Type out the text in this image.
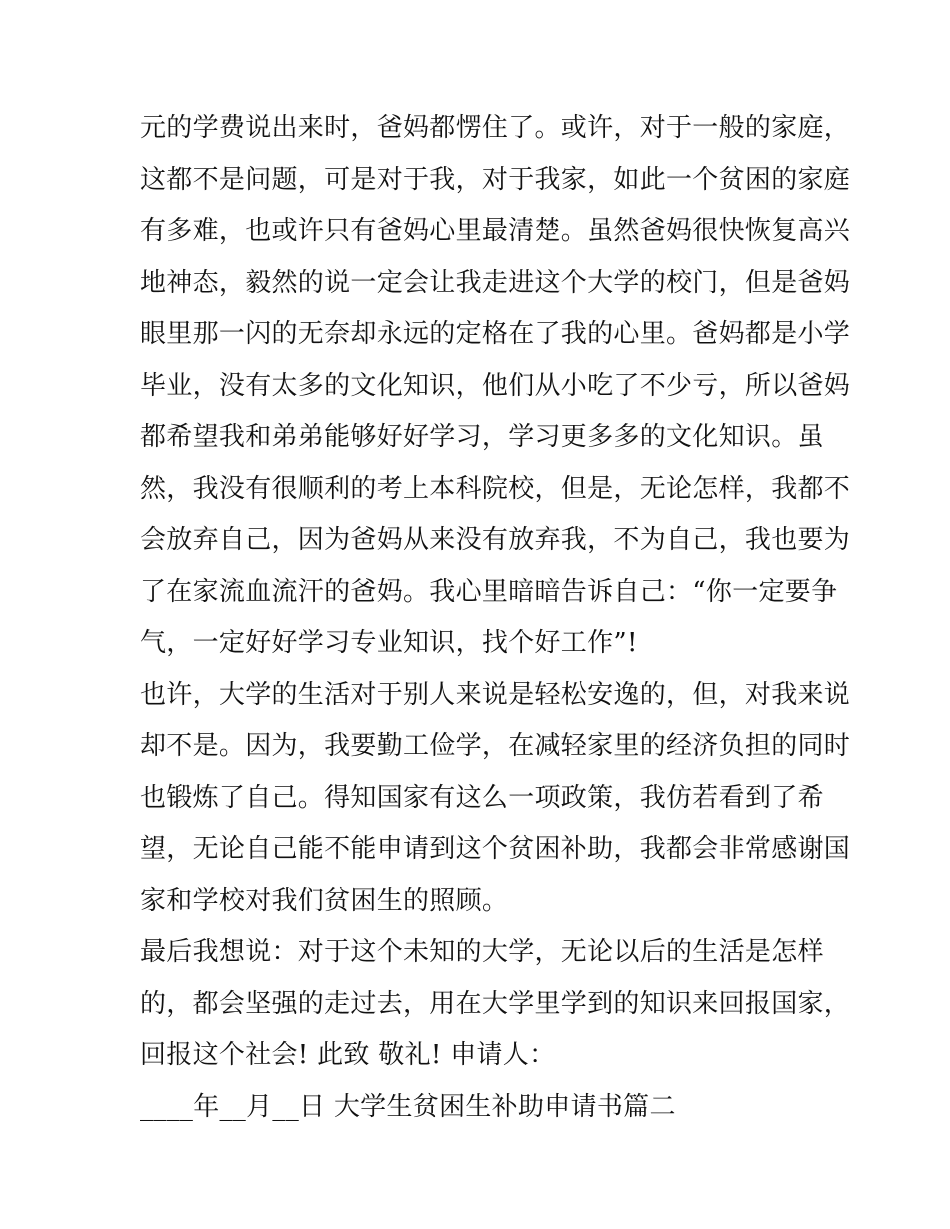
元的学费说出来时，爸妈都愣住了。或许，对于一般的家庭，
这都不是问题，可是对于我，对于我家，如此一个贫困的家庭
有多难，也或许只有爸妈心里最清楚。虽然爸妈很快恢复高兴
地神态，毅然的说一定会让我走进这个大学的校门，但是爸妈
眼里那一闪的无奈却永远的定格在了我的心里。爸妈都是小学
毕业，没有太多的文化知识，他们从小吃了不少亏，所以爸妈
都希望我和弟弟能够好好学习，学习更多多的文化知识。虽
然，我没有很顺利的考上本科院校，但是，无论怎样，我都不
会放弃自己，因为爸妈从来没有放弃我，不为自己，我也要为
了在家流血流汗的爸妈。我心里暗暗告诉自己：“你一定要争
气，一定好好学习专业知识，找个好工作”!
也许，大学的生活对于别人来说是轻松安逸的，但，对我来说
却不是。因为，我要勤工俭学，在减轻家里的经济负担的同时
也锻炼了自己。得知国家有这么一项政策，我仿若看到了希
望，无论自己能不能申请到这个贫困补助，我都会非常感谢国
家和学校对我们贫困生的照顾。
最后我想说：对于这个未知的大学，无论以后的生活是怎样
的，都会坚强的走过去，用在大学里学到的知识来回报国家，
回报这个社会! 此致 敬礼! 申请人：
____年__月__日 大学生贫困生补助申请书篇二
